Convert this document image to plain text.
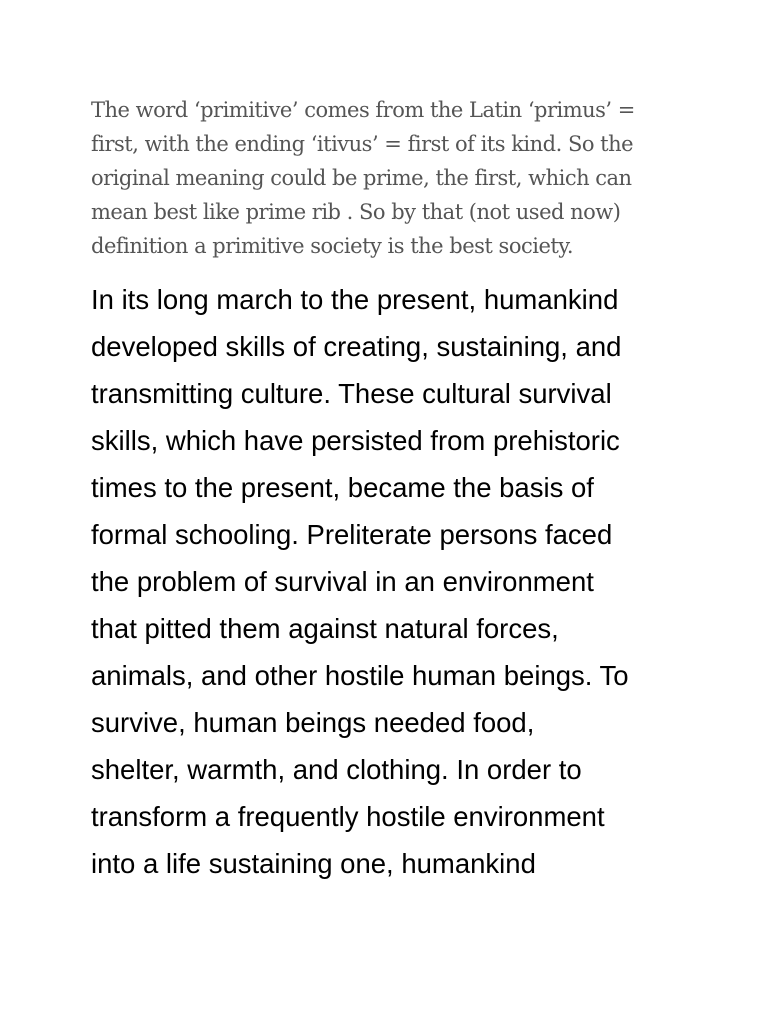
The word ‘primitive’ comes from the Latin ‘primus’ =
first, with the ending ‘itivus’ = first of its kind. So the
original meaning could be prime, the first, which can
mean best like prime rib . So by that (not used now)
definition a primitive society is the best society.

In its long march to the present, humankind
developed skills of creating, sustaining, and
transmitting culture. These cultural survival
skills, which have persisted from prehistoric
times to the present, became the basis of
formal schooling. Preliterate persons faced
the problem of survival in an environment
that pitted them against natural forces,
animals, and other hostile human beings. To
survive, human beings needed food,
shelter, warmth, and clothing. In order to
transform a frequently hostile environment
into a life sustaining one, humankind
